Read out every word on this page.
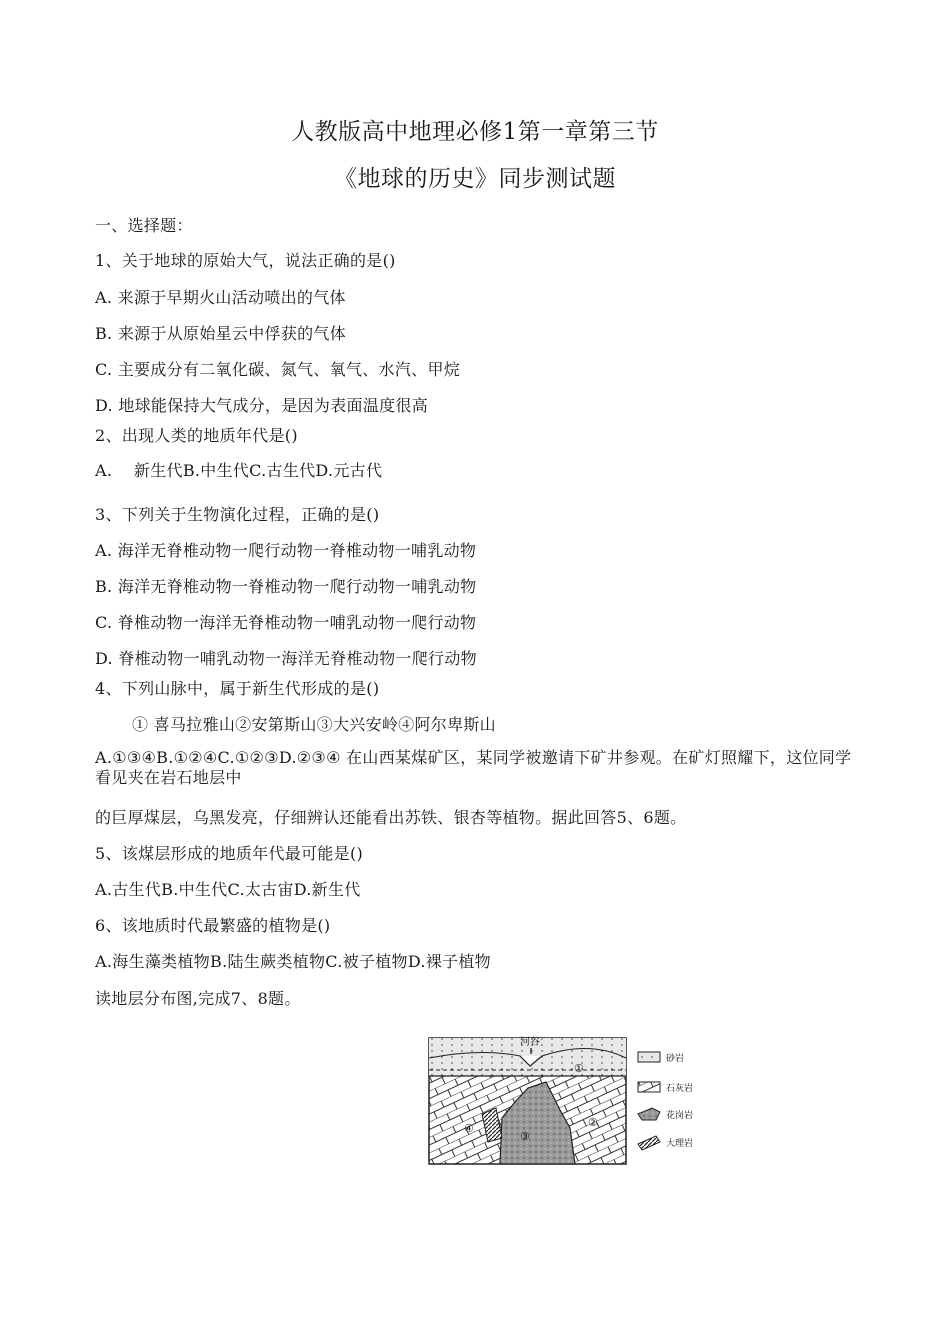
人教版高中地理必修1第一章第三节
《地球的历史》同步测试题
一、选择题：
1、关于地球的原始大气，说法正确的是()
A. 来源于早期火山活动喷出的气体
B. 来源于从原始星云中俘获的气体
C. 主要成分有二氧化碳、氮气、氧气、水汽、甲烷
D. 地球能保持大气成分，是因为表面温度很高
2、出现人类的地质年代是()
A.　 新生代B.中生代C.古生代D.元古代
3、下列关于生物演化过程，正确的是()
A. 海洋无脊椎动物一爬行动物一脊椎动物一哺乳动物
B. 海洋无脊椎动物一脊椎动物一爬行动物一哺乳动物
C. 脊椎动物一海洋无脊椎动物一哺乳动物一爬行动物
D. 脊椎动物一哺乳动物一海洋无脊椎动物一爬行动物
4、下列山脉中，属于新生代形成的是()
① 喜马拉雅山②安第斯山③大兴安岭④阿尔卑斯山
A.①③④B.①②④C.①②③D.②③④ 在山西某煤矿区，某同学被邀请下矿井参观。在矿灯照耀下，这位同学看见夹在岩石地层中
的巨厚煤层，乌黑发亮，仔细辨认还能看出苏铁、银杏等植物。据此回答5、6题。
5、该煤层形成的地质年代最可能是()
A.古生代B.中生代C.太古宙D.新生代
6、该地质时代最繁盛的植物是()
A.海生藻类植物B.陆生蕨类植物C.被子植物D.裸子植物
读地层分布图,完成7、8题。
河谷
①
②
③
④
砂岩
石灰岩
花岗岩
大理岩
